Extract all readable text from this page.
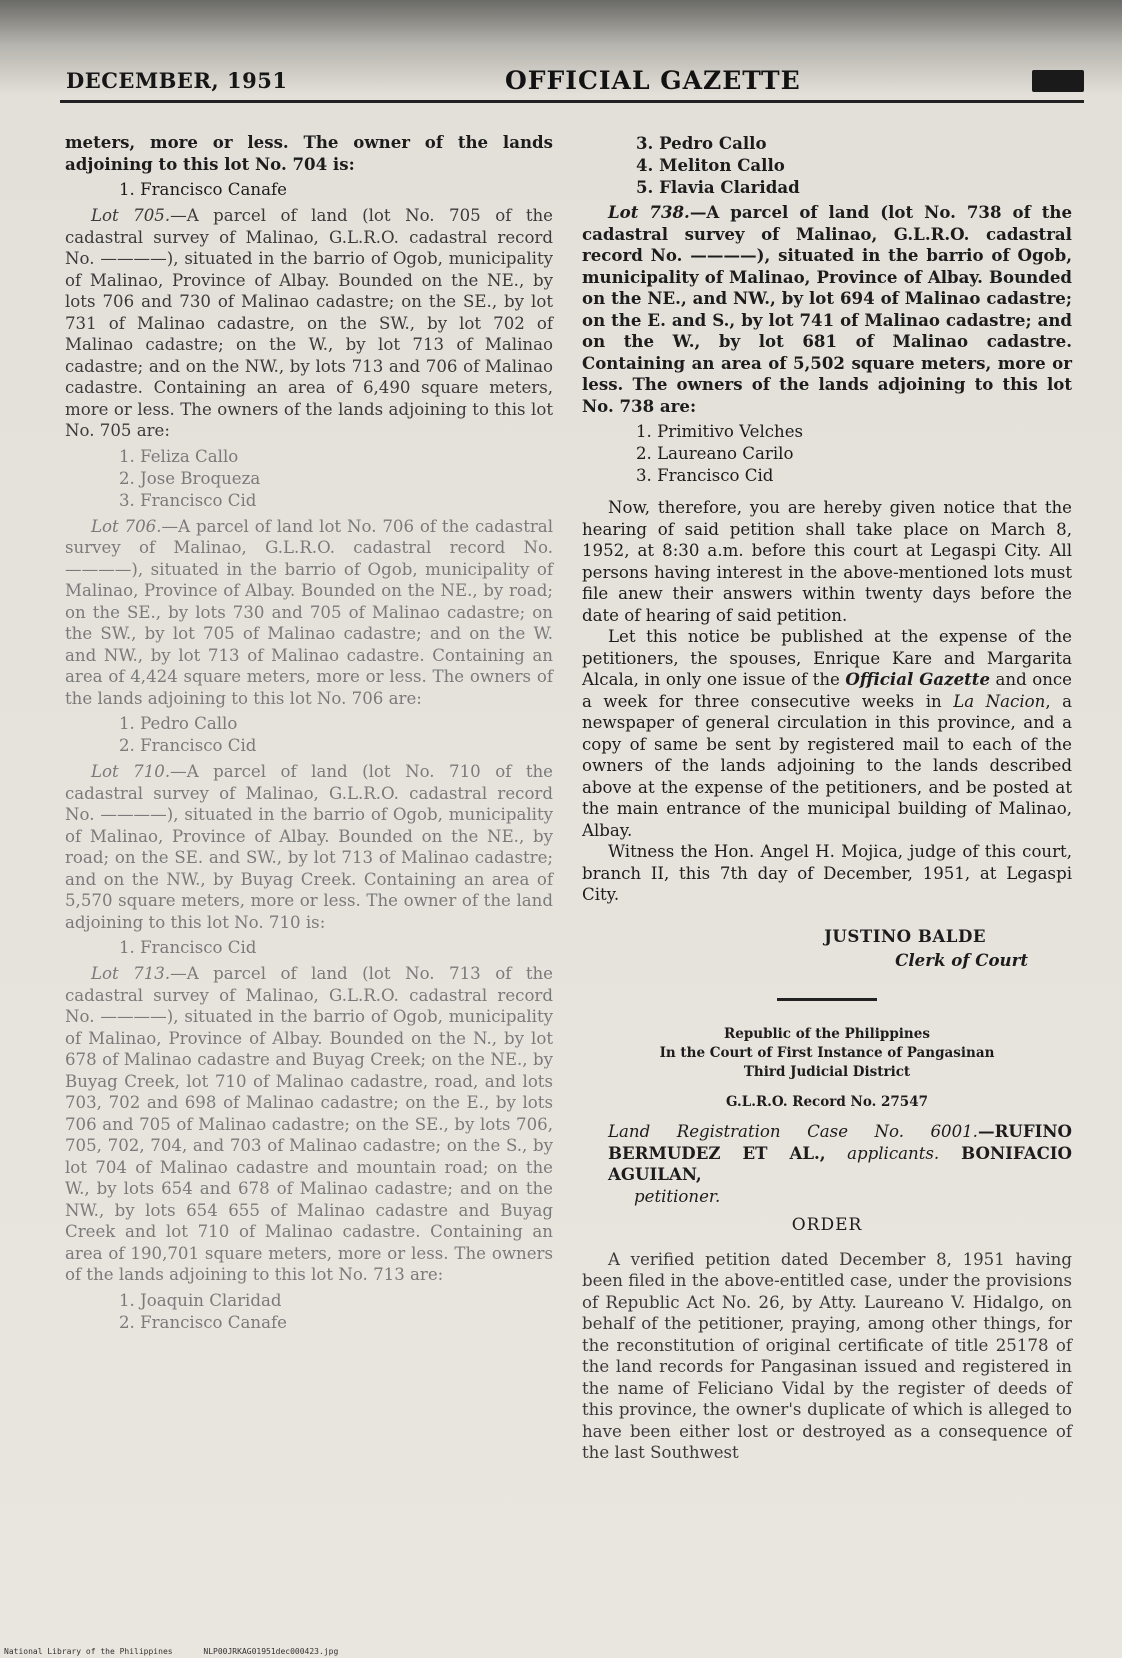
DECEMBER, 1951	OFFICIAL GAZETTE

meters, more or less. The owner of the lands adjoining to this lot No. 704 is:

1. Francisco Canafe

Lot 705.—A parcel of land (lot No. 705 of the cadastral survey of Malinao, G.L.R.O. cadastral record No. ————), situated in the barrio of Ogob, municipality of Malinao, Province of Albay. Bounded on the NE., by lots 706 and 730 of Malinao cadastre; on the SE., by lot 731 of Malinao cadastre, on the SW., by lot 702 of Malinao cadastre; on the W., by lot 713 of Malinao cadastre; and on the NW., by lots 713 and 706 of Malinao cadastre. Containing an area of 6,490 square meters, more or less. The owners of the lands adjoining to this lot No. 705 are:

1. Feliza Callo
2. Jose Broqueza
3. Francisco Cid

Lot 706.—A parcel of land lot No. 706 of the cadastral survey of Malinao, G.L.R.O. cadastral record No. ————), situated in the barrio of Ogob, municipality of Malinao, Province of Albay. Bounded on the NE., by road; on the SE., by lots 730 and 705 of Malinao cadastre; on the SW., by lot 705 of Malinao cadastre; and on the W. and NW., by lot 713 of Malinao cadastre. Containing an area of 4,424 square meters, more or less. The owners of the lands adjoining to this lot No. 706 are:

1. Pedro Callo
2. Francisco Cid

Lot 710.—A parcel of land (lot No. 710 of the cadastral survey of Malinao, G.L.R.O. cadastral record No. ————), situated in the barrio of Ogob, municipality of Malinao, Province of Albay. Bounded on the NE., by road; on the SE. and SW., by lot 713 of Malinao cadastre; and on the NW., by Buyag Creek. Containing an area of 5,570 square meters, more or less. The owner of the land adjoining to this lot No. 710 is:

1. Francisco Cid

Lot 713.—A parcel of land (lot No. 713 of the cadastral survey of Malinao, G.L.R.O. cadastral record No. ————), situated in the barrio of Ogob, municipality of Malinao, Province of Albay. Bounded on the N., by lot 678 of Malinao cadastre and Buyag Creek; on the NE., by Buyag Creek, lot 710 of Malinao cadastre, road, and lots 703, 702 and 698 of Malinao cadastre; on the E., by lots 706 and 705 of Malinao cadastre; on the SE., by lots 706, 705, 702, 704, and 703 of Malinao cadastre; on the S., by lot 704 of Malinao cadastre and mountain road; on the W., by lots 654 and 678 of Malinao cadastre; and on the NW., by lots 654 655 of Malinao cadastre and Buyag Creek and lot 710 of Malinao cadastre. Containing an area of 190,701 square meters, more or less. The owners of the lands adjoining to this lot No. 713 are:

1. Joaquin Claridad
2. Francisco Canafe
3. Pedro Callo
4. Meliton Callo
5. Flavia Claridad

Lot 738.—A parcel of land (lot No. 738 of the cadastral survey of Malinao, G.L.R.O. cadastral record No. ————), situated in the barrio of Ogob, municipality of Malinao, Province of Albay. Bounded on the NE., and NW., by lot 694 of Malinao cadastre; on the E. and S., by lot 741 of Malinao cadastre; and on the W., by lot 681 of Malinao cadastre. Containing an area of 5,502 square meters, more or less. The owners of the lands adjoining to this lot No. 738 are:

1. Primitivo Velches
2. Laureano Carilo
3. Francisco Cid

Now, therefore, you are hereby given notice that the hearing of said petition shall take place on March 8, 1952, at 8:30 a.m. before this court at Legaspi City. All persons having interest in the above-mentioned lots must file anew their answers within twenty days before the date of hearing of said petition.

Let this notice be published at the expense of the petitioners, the spouses, Enrique Kare and Margarita Alcala, in only one issue of the Official Gazette and once a week for three consecutive weeks in La Nacion, a newspaper of general circulation in this province, and a copy of same be sent by registered mail to each of the owners of the lands adjoining to the lands described above at the expense of the petitioners, and be posted at the main entrance of the municipal building of Malinao, Albay.

Witness the Hon. Angel H. Mojica, judge of this court, branch II, this 7th day of December, 1951, at Legaspi City.

JUSTINO BALDE
Clerk of Court
Republic of the Philippines
In the Court of First Instance of Pangasinan
Third Judicial District
G.L.R.O. Record No. 27547

Land Registration Case No. 6001.—RUFINO BERMUDEZ ET AL., applicants. BONIFACIO AGUILAN,
petitioner.

ORDER

A verified petition dated December 8, 1951 having been filed in the above-entitled case, under the provisions of Republic Act No. 26, by Atty. Laureano V. Hidalgo, on behalf of the petitioner, praying, among other things, for the reconstitution of original certificate of title 25178 of the land records for Pangasinan issued and registered in the name of Feliciano Vidal by the register of deeds of this province, the owner's duplicate of which is alleged to have been either lost or destroyed as a consequence of the last Southwest

National Library of the Philippines	NLP00JRKAG01951dec000423.jpg
